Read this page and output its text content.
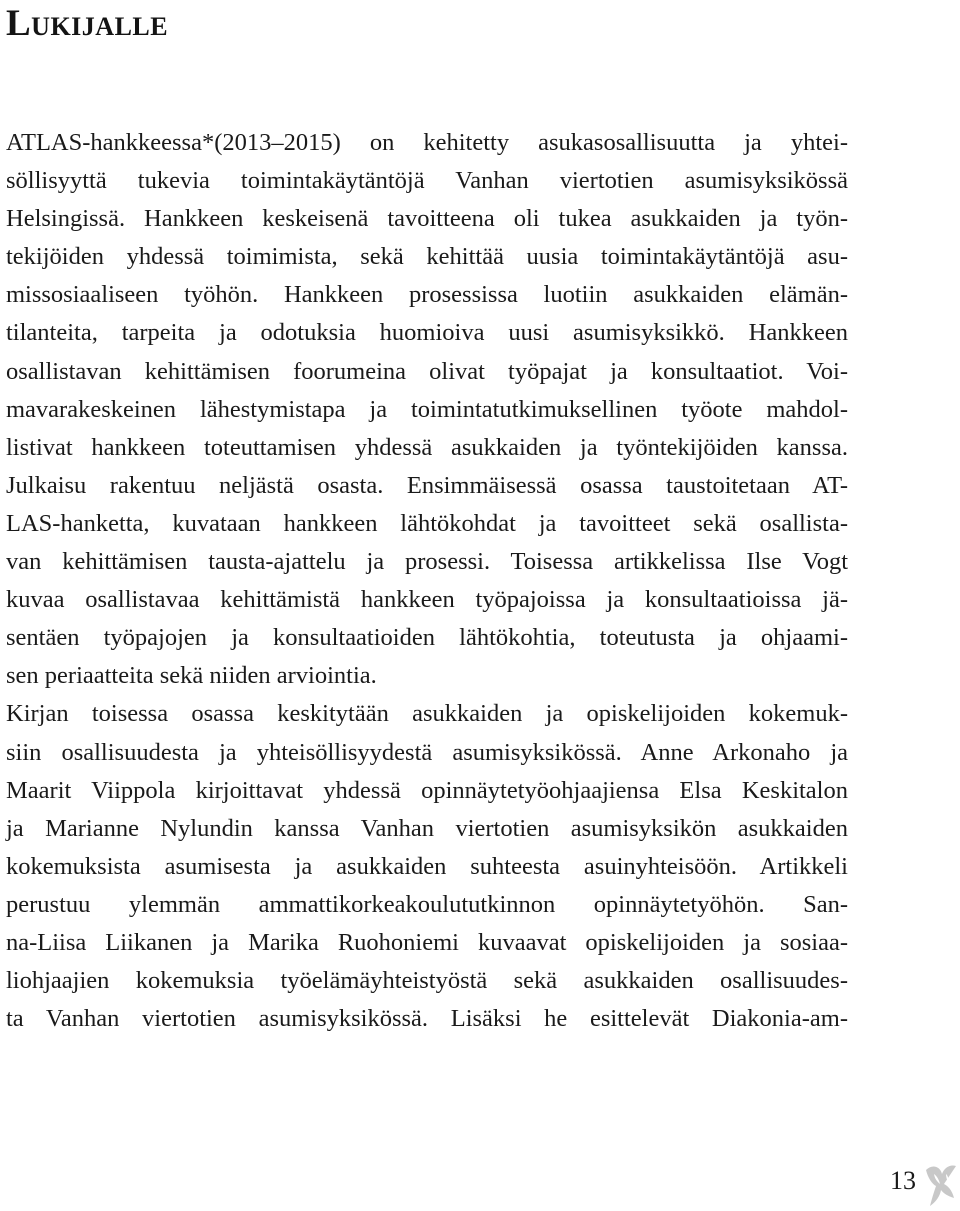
Lukijalle
ATLAS-hankkeessa*(2013–2015) on kehitetty asukasosallisuutta ja yhtei-
söllisyyttä tukevia toimintakäytäntöjä Vanhan viertotien asumisyksikössä
Helsingissä. Hankkeen keskeisenä tavoitteena oli tukea asukkaiden ja työn-
tekijöiden yhdessä toimimista, sekä kehittää uusia toimintakäytäntöjä asu-
missosiaaliseen työhön. Hankkeen prosessissa luotiin asukkaiden elämän-
tilanteita, tarpeita ja odotuksia huomioiva uusi asumisyksikkö. Hankkeen
osallistavan kehittämisen foorumeina olivat työpajat ja konsultaatiot. Voi-
mavarakeskeinen lähestymistapa ja toimintatutkimuksellinen työote mahdol-
listivat hankkeen toteuttamisen yhdessä asukkaiden ja työntekijöiden kanssa.
Julkaisu rakentuu neljästä osasta. Ensimmäisessä osassa taustoitetaan AT-
LAS-hanketta, kuvataan hankkeen lähtökohdat ja tavoitteet sekä osallista-
van kehittämisen tausta-ajattelu ja prosessi. Toisessa artikkelissa Ilse Vogt
kuvaa osallistavaa kehittämistä hankkeen työpajoissa ja konsultaatioissa jä-
sentäen työpajojen ja konsultaatioiden lähtökohtia, toteutusta ja ohjaami-
sen periaatteita sekä niiden arviointia.
Kirjan toisessa osassa keskitytään asukkaiden ja opiskelijoiden kokemuk-
siin osallisuudesta ja yhteisöllisyydestä asumisyksikössä. Anne Arkonaho ja
Maarit Viippola kirjoittavat yhdessä opinnäytetyöohjaajiensa Elsa Keskitalon
ja Marianne Nylundin kanssa Vanhan viertotien asumisyksikön asukkaiden
kokemuksista asumisesta ja asukkaiden suhteesta asuinyhteisöön. Artikkeli
perustuu ylemmän ammattikorkeakoulututkinnon opinnäytetyöhön. San-
na-Liisa Liikanen ja Marika Ruohoniemi kuvaavat opiskelijoiden ja sosiaa-
liohjaajien kokemuksia työelämäyhteistyöstä sekä asukkaiden osallisuudes-
ta Vanhan viertotien asumisyksikössä. Lisäksi he esittelevät Diakonia-am-
13
